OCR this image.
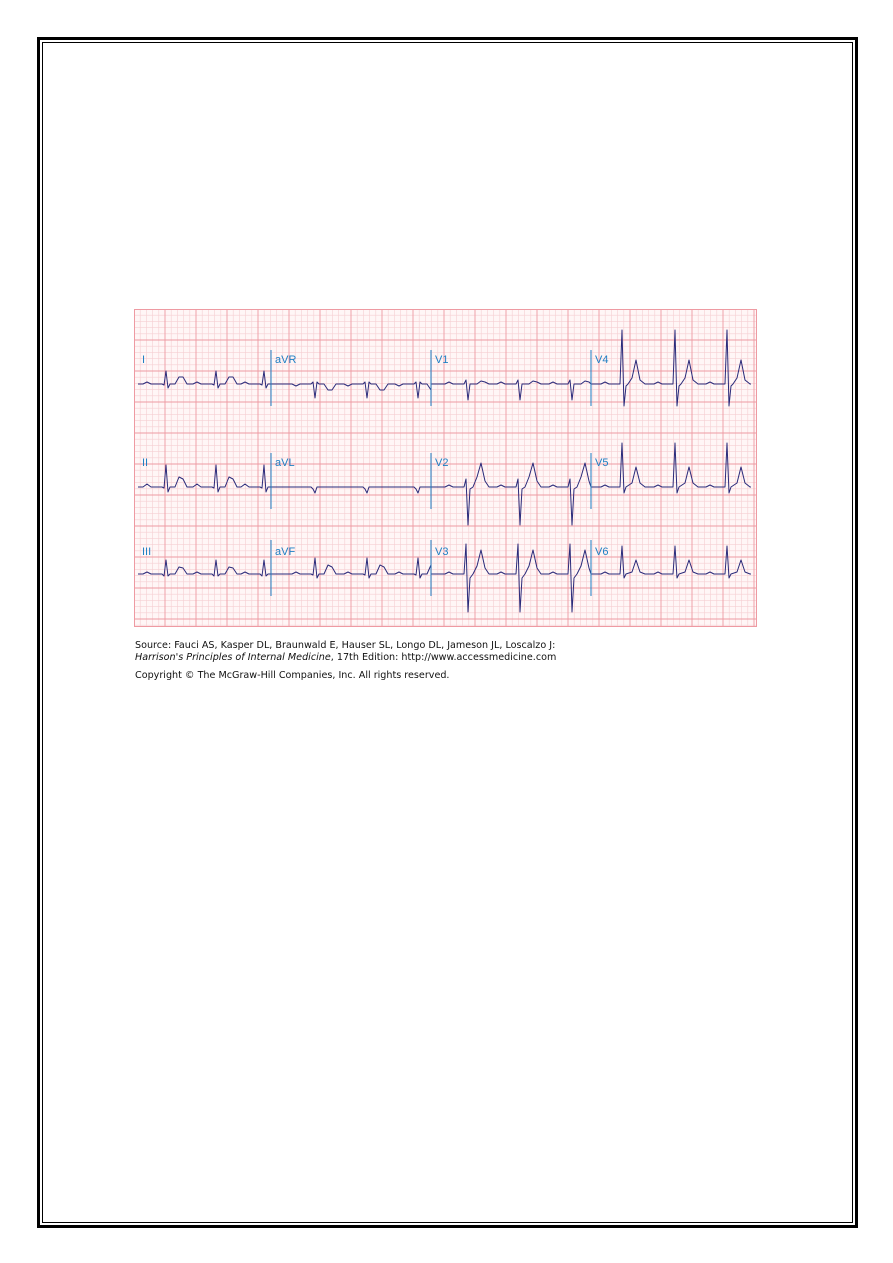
I	aVR	V1	V4
II	aVL	V2	V5
III	aVF	V3	V6
Source: Fauci AS, Kasper DL, Braunwald E, Hauser SL, Longo DL, Jameson JL, Loscalzo J:
Harrison's Principles of Internal Medicine, 17th Edition: http://www.accessmedicine.com
Copyright © The McGraw-Hill Companies, Inc. All rights reserved.
